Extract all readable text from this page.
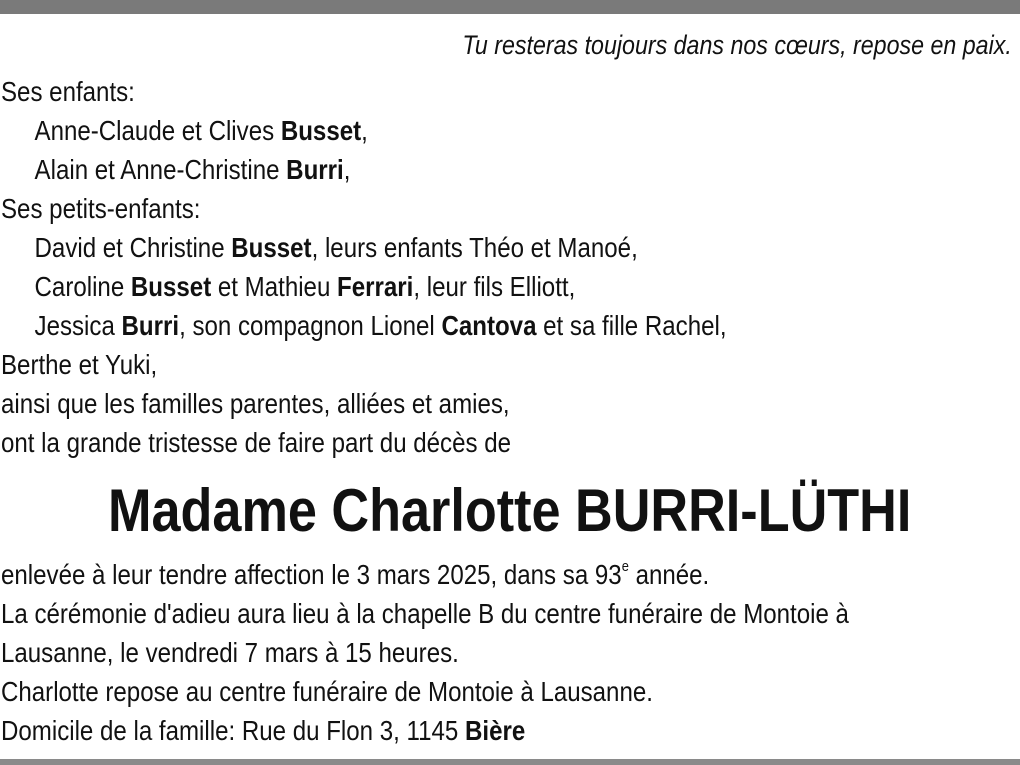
Tu resteras toujours dans nos cœurs, repose en paix.
Ses enfants:
Anne-Claude et Clives Busset,
Alain et Anne-Christine Burri,
Ses petits-enfants:
David et Christine Busset, leurs enfants Théo et Manoé,
Caroline Busset et Mathieu Ferrari, leur fils Elliott,
Jessica Burri, son compagnon Lionel Cantova et sa fille Rachel,
Berthe et Yuki,
ainsi que les familles parentes, alliées et amies,
ont la grande tristesse de faire part du décès de
Madame Charlotte BURRI-LÜTHI
enlevée à leur tendre affection le 3 mars 2025, dans sa 93e année.
La cérémonie d'adieu aura lieu à la chapelle B du centre funéraire de Montoie à
Lausanne, le vendredi 7 mars à 15 heures.
Charlotte repose au centre funéraire de Montoie à Lausanne.
Domicile de la famille: Rue du Flon 3, 1145 Bière
